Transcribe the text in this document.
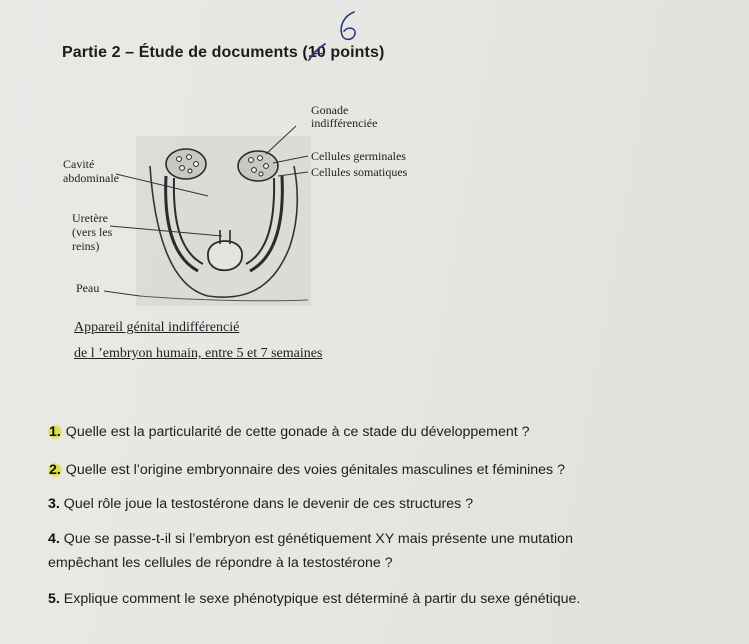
Partie 2 – Étude de documents (10
points)
Gonade
indifférenciée
Cellules germinales
Cellules somatiques
Cavité
abdominale
Uretère
(vers les
reins)
Peau
Appareil génital indifférencié
de l ’embryon humain, entre 5 et 7 semaines
1. Quelle est la particularité de cette gonade à ce stade du développement ?
2. Quelle est l’origine embryonnaire des voies génitales masculines et féminines ?
3. Quel rôle joue la testostérone dans le devenir de ces structures ?
4. Que se passe-t-il si l’embryon est génétiquement XY mais présente une mutation
empêchant les cellules de répondre à la testostérone ?
5. Explique comment le sexe phénotypique est déterminé à partir du sexe génétique.
